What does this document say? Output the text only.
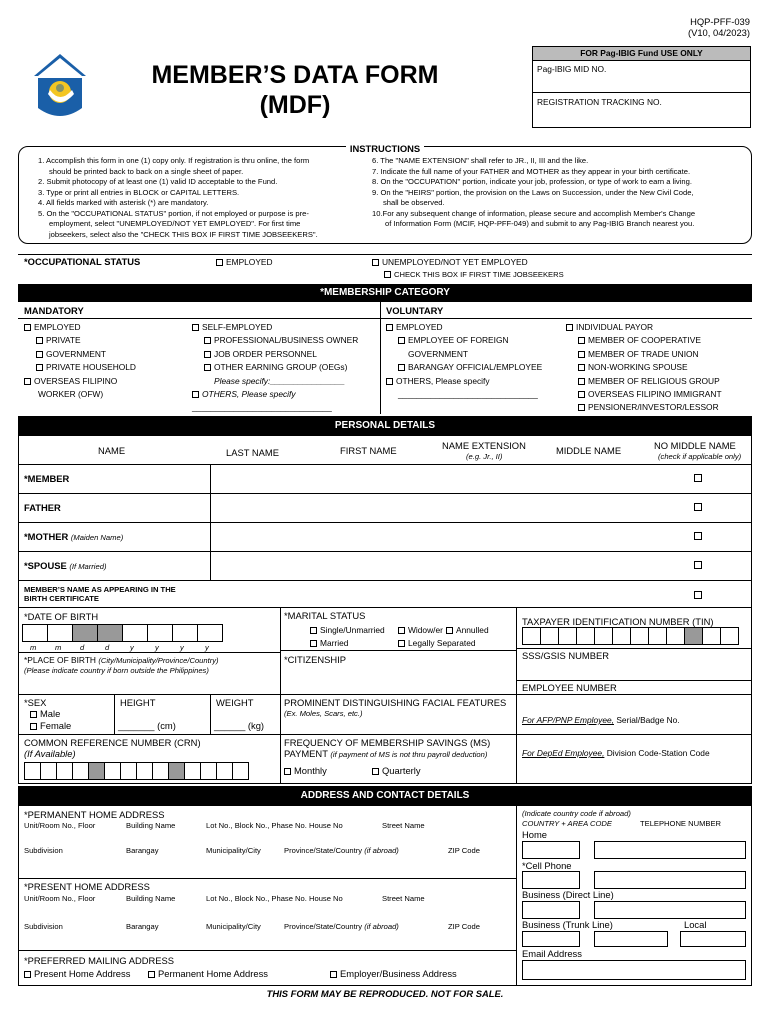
HQP-PFF-039
(V10, 04/2023)
MEMBER’S DATA FORM
(MDF)
FOR Pag-IBIG Fund USE ONLY
Pag-IBIG MID NO.
REGISTRATION TRACKING NO.
INSTRUCTIONS
1. Accomplish this form in one (1) copy only. If registration is thru online, the form
should be printed back to back on a single sheet of paper.
2. Submit photocopy of at least one (1) valid ID acceptable to the Fund.
3. Type or print all entries in BLOCK or CAPITAL LETTERS.
4. All fields marked with asterisk (*) are mandatory.
5. On the "OCCUPATIONAL STATUS" portion, if not employed or purpose is pre-
employment, select "UNEMPLOYED/NOT YET EMPLOYED". For first time
jobseekers, select also the "CHECK THIS BOX IF FIRST TIME JOBSEEKERS".
6. The "NAME EXTENSION" shall refer to JR., II, III and the like.
7. Indicate the full name of your FATHER and MOTHER as they appear in your birth certificate.
8. On the "OCCUPATION" portion, indicate your job, profession, or type of work to earn a living.
9. On the "HEIRS" portion, the provision on the Laws on Succession, under the New Civil Code,
shall be observed.
10.For any subsequent change of information, please secure and accomplish Member's Change
of Information Form (MCIF, HQP-PFF-049) and submit to any Pag-IBIG Branch nearest you.
*OCCUPATIONAL STATUS	EMPLOYED	UNEMPLOYED/NOT YET EMPLOYED
CHECK THIS BOX IF FIRST TIME JOBSEEKERS
*MEMBERSHIP CATEGORY
MANDATORY	VOLUNTARY
EMPLOYED
PRIVATE
GOVERNMENT
PRIVATE HOUSEHOLD
OVERSEAS FILIPINO
WORKER (OFW)
SELF-EMPLOYED
PROFESSIONAL/BUSINESS OWNER
JOB ORDER PERSONNEL
OTHER EARNING GROUP (OEGs)
Please specify:________________
OTHERS, Please specify
______________________________
EMPLOYED
EMPLOYEE OF FOREIGN
GOVERNMENT
BARANGAY OFFICIAL/EMPLOYEE
OTHERS, Please specify
______________________________
INDIVIDUAL PAYOR
MEMBER OF COOPERATIVE
MEMBER OF TRADE UNION
NON-WORKING SPOUSE
MEMBER OF RELIGIOUS GROUP
OVERSEAS FILIPINO IMMIGRANT
PENSIONER/INVESTOR/LESSOR
PERSONAL DETAILS
NAME	LAST NAME	FIRST NAME	NAME EXTENSION
(e.g. Jr., II)
MIDDLE NAME	NO MIDDLE NAME
(check if applicable only)
*MEMBER
FATHER
*MOTHER (Maiden Name)
*SPOUSE (If Married)
MEMBER’S NAME AS APPEARING IN THE
BIRTH CERTIFICATE
*DATE OF BIRTH
m m d	d	y	y	y	y
*PLACE OF BIRTH (City/Municipality/Province/Country)
(Please indicate country if born outside the Philippines)
*MARITAL STATUS
Single/Unmarried	Widow/er	Annulled
Married	Legally Separated
*CITIZENSHIP
TAXPAYER IDENTIFICATION NUMBER (TIN)
SSS/GSIS NUMBER
EMPLOYEE NUMBER
For AFP/PNP Employee, Serial/Badge No.
For DepEd Employee, Division Code-Station Code
*SEX
Male
Female
HEIGHT
_______ (cm)
WEIGHT
______ (kg)
PROMINENT DISTINGUISHING FACIAL FEATURES
(Ex. Moles, Scars, etc.)
COMMON REFERENCE NUMBER (CRN)
(If Available)
FREQUENCY OF MEMBERSHIP SAVINGS (MS)
PAYMENT (if payment of MS is not thru payroll deduction)
Monthly	Quarterly
ADDRESS AND CONTACT DETAILS
*PERMANENT HOME ADDRESS
Unit/Room No., Floor	Building Name	Lot No., Block No., Phase No. House No	Street Name
Subdivision	Barangay	Municipality/City	Province/State/Country (if abroad)	ZIP Code
*PRESENT HOME ADDRESS
Unit/Room No., Floor	Building Name	Lot No., Block No., Phase No. House No	Street Name
Subdivision	Barangay	Municipality/City	Province/State/Country (if abroad)	ZIP Code
*PREFERRED MAILING ADDRESS
Present Home Address	Permanent Home Address	Employer/Business Address
(Indicate country code if abroad)
COUNTRY + AREA CODE	TELEPHONE NUMBER
Home
*Cell Phone
Business (Direct Line)
Business (Trunk Line)	Local
Email Address
THIS FORM MAY BE REPRODUCED. NOT FOR SALE.
